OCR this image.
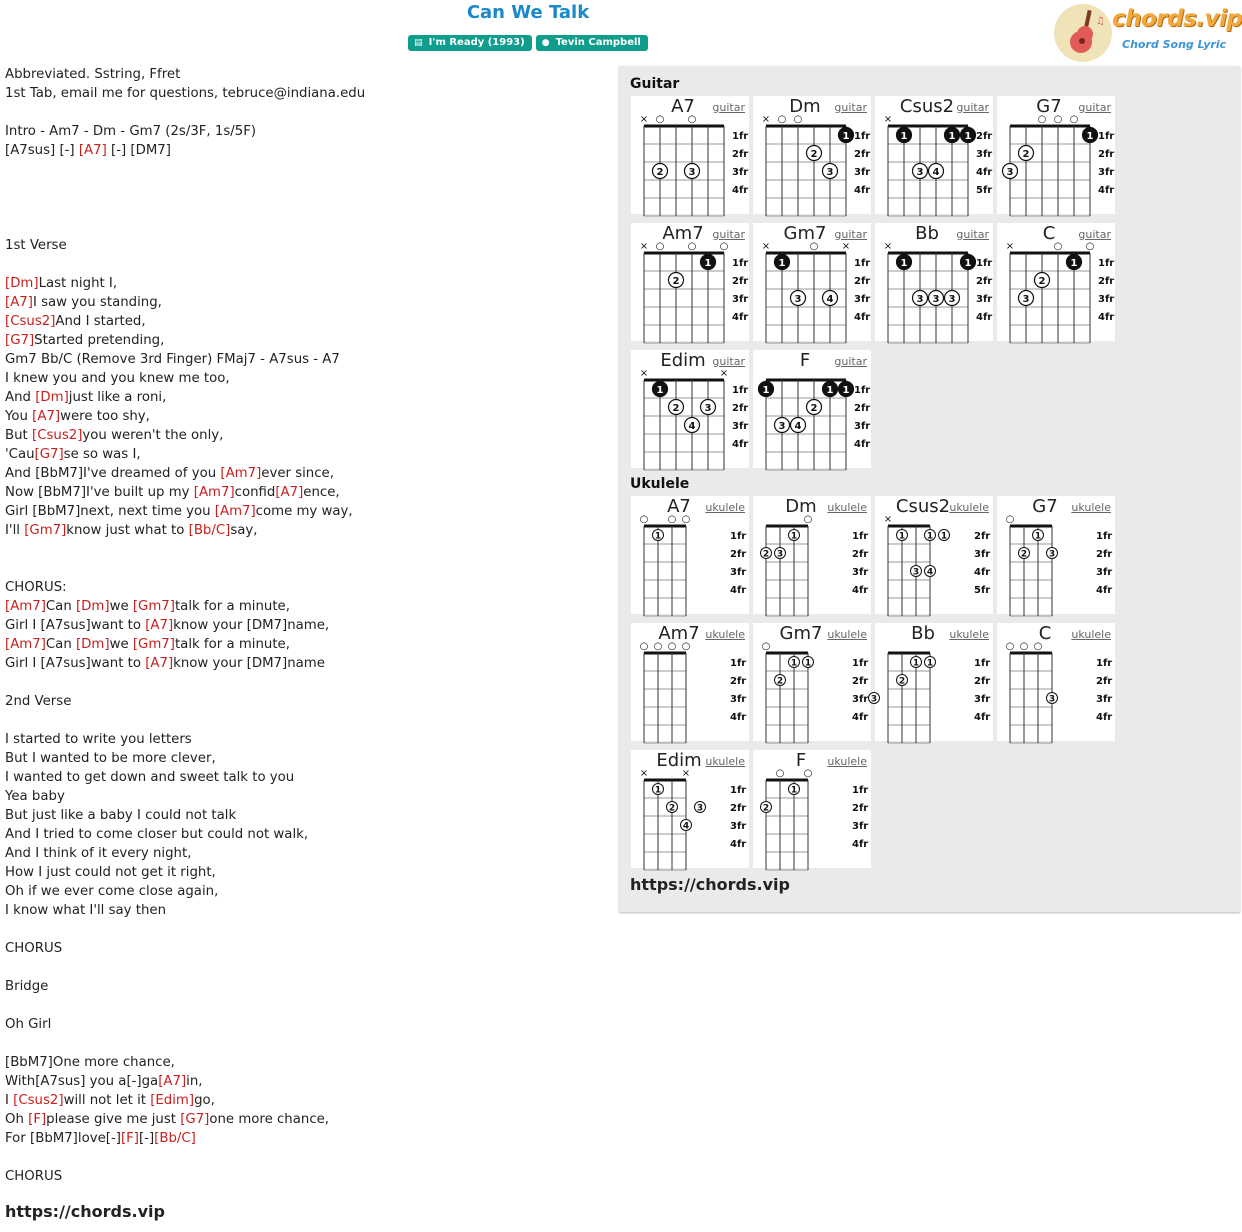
Can We Talk
▤ I'm Ready (1993) ● Tevin Campbell
♫ chords.vip
Chord Song Lyric
Abbreviated. Sstring, Ffret
1st Tab, email me for questions, tebruce@indiana.edu
Intro - Am7 - Dm - Gm7 (2s/3F, 1s/5F)
[A7sus] [-] [A7] [-] [DM7]
1st Verse
[Dm]Last night I,
[A7]I saw you standing,
[Csus2]And I started,
[G7]Started pretending,
Gm7 Bb/C (Remove 3rd Finger) FMaj7 - A7sus - A7
I knew you and you knew me too,
And [Dm]just like a roni,
You [A7]were too shy,
But [Csus2]you weren't the only,
'Cau[G7]se so was I,
And [BbM7]I've dreamed of you [Am7]ever since,
Now [BbM7]I've built up my [Am7]confid[A7]ence,
Girl [BbM7]next, next time you [Am7]come my way,
I'll [Gm7]know just what to [Bb/C]say,
CHORUS:
[Am7]Can [Dm]we [Gm7]talk for a minute,
Girl I [A7sus]want to [A7]know your [DM7]name,
[Am7]Can [Dm]we [Gm7]talk for a minute,
Girl I [A7sus]want to [A7]know your [DM7]name
2nd Verse
I started to write you letters
But I wanted to be more clever,
I wanted to get down and sweet talk to you
Yea baby
But just like a baby I could not talk
And I tried to come closer but could not walk,
And I think of it every night,
How I just could not get it right,
Oh if we ever come close again,
I know what I'll say then
CHORUS
Bridge
Oh Girl
[BbM7]One more chance,
With[A7sus] you a[-]ga[A7]in,
I [Csus2]will not let it [Edim]go,
Oh [F]please give me just [G7]one more chance,
For [BbM7]love[-][F][-][Bb/C]
CHORUS
https://chords.vip
Guitar
Ukulele
https://chords.vip
× ○ ○
1fr
2fr
3fr
4fr
2	3
A7	guitar
× ○ ○
1fr
2fr
3fr
4fr
1
2
3
Dm	guitar
×
2fr
3fr
4fr
5fr
1	1 1
3 4
Csus2 guitar
○ ○ ○
1fr
2fr
3fr
4fr
1
2
3
G7	guitar
× ○ ○ ○
1fr
2fr
3fr
4fr
1
2
Am7 guitar
×	○ ×
1fr
2fr
3fr
4fr
1
3	4
Gm7 guitar
×
1fr
2fr
3fr
4fr
1	1
3 3 3
Bb	guitar
×	○ ○
1fr
2fr
3fr
4fr
1
2
3
C	guitar
×	×
1fr
2fr
3fr
4fr
1
2	3
4
Edim guitar
1fr
2fr
3fr
4fr
1	1 1
2
3 4
F	guitar
○ ○ ○
1fr
2fr
3fr
4fr
1
A7	ukulele
○
1fr
2fr
3fr
4fr
1
2 3
Dm ukulele
×
2fr
3fr
4fr
5fr
1 1 1
3 4
Csus2 ukulele
○
1fr
2fr
3fr
4fr
1
2 3
G7	ukulele
○ ○ ○ ○
1fr
2fr
3fr
4fr
Am7 ukulele
○
1fr
2fr
3fr
4fr
1 1
2
Gm7 ukulele
1fr
2fr
3fr
4fr
1 1
2
3
Bb	ukulele
○ ○ ○
1fr
2fr
3fr
4fr
3
C	ukulele
×	×
1fr
2fr
3fr
4fr
1
2 3
4
Edim ukulele
○ ○
1fr
2fr
3fr
4fr
1
2
F	ukulele
